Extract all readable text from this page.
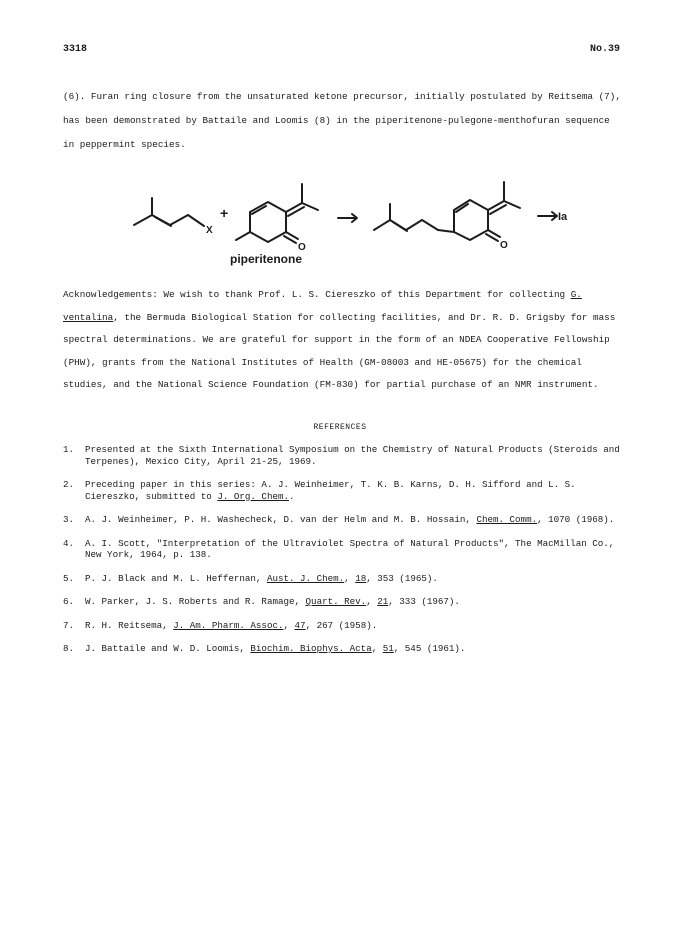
3318	No.39

(6). Furan ring closure from the unsaturated ketone precursor, initially postulated by Reitsema (7), has been demonstrated by Battaile and Loomis (8) in the piperitenone-pulegone-menthofuran sequence in peppermint species.

X
+
O	O
Ia
piperitenone

Acknowledgements: We wish to thank Prof. L. S. Ciereszko of this Department for collecting G. ventalina, the Bermuda Biological Station for collecting facilities, and Dr. R. D. Grigsby for mass spectral determinations. We are grateful for support in the form of an NDEA Cooperative Fellowship (PHW), grants from the National Institutes of Health (GM-08003 and HE-05675) for the chemical studies, and the National Science Foundation (FM-830) for partial purchase of an NMR instrument.

REFERENCES
1. Presented at the Sixth International Symposium on the Chemistry of Natural Products (Steroids and Terpenes), Mexico City, April 21-25, 1969.
2. Preceding paper in this series: A. J. Weinheimer, T. K. B. Karns, D. H. Sifford and L. S. Ciereszko, submitted to J. Org. Chem..
3. A. J. Weinheimer, P. H. Washecheck, D. van der Helm and M. B. Hossain, Chem. Comm., 1070 (1968).
4. A. I. Scott, "Interpretation of the Ultraviolet Spectra of Natural Products", The MacMillan Co., New York, 1964, p. 138.
5. P. J. Black and M. L. Heffernan, Aust. J. Chem., 18, 353 (1965).
6. W. Parker, J. S. Roberts and R. Ramage, Quart. Rev., 21, 333 (1967).
7. R. H. Reitsema, J. Am. Pharm. Assoc., 47, 267 (1958).
8. J. Battaile and W. D. Loomis, Biochim. Biophys. Acta, 51, 545 (1961).
